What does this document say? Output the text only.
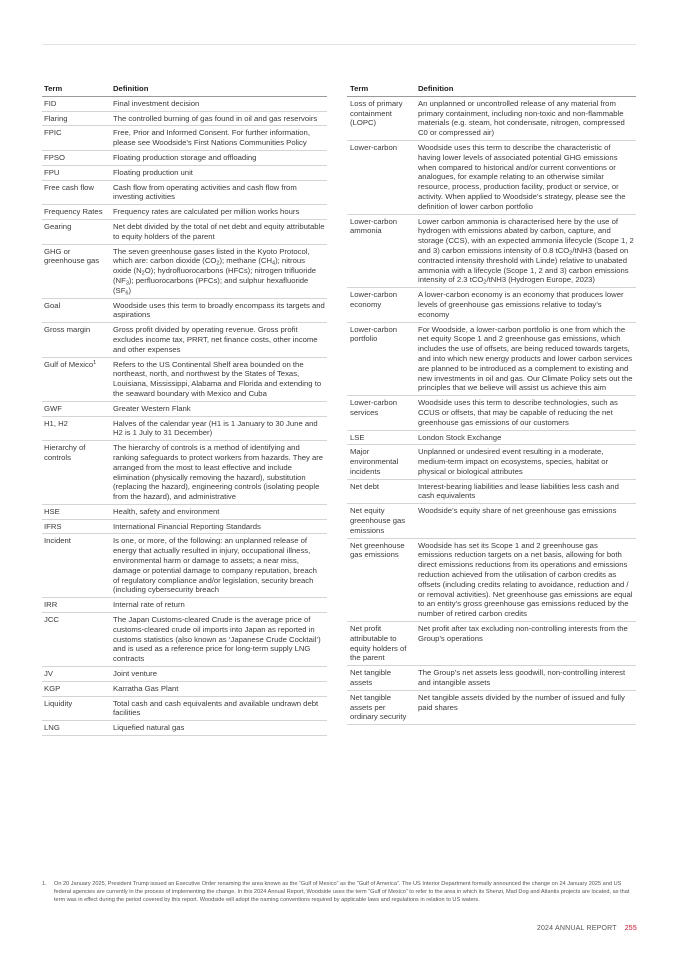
Term	Definition
FID	Final investment decision
Flaring	The controlled burning of gas found in oil and gas reservoirs
FPIC	Free, Prior and Informed Consent. For further information, please see Woodside’s First Nations Communities Policy
FPSO	Floating production storage and offloading
FPU	Floating production unit
Free cash flow	Cash flow from operating activities and cash flow from investing activities
Frequency Rates	Frequency rates are calculated per million works hours
Gearing	Net debt divided by the total of net debt and equity attributable to equity holders of the parent
GHG or greenhouse gas	The seven greenhouse gases listed in the Kyoto Protocol, which are: carbon dioxide $(CO_2)$; methane $(CH_4)$; nitrous oxide $(N_2O)$; hydrofluorocarbons (HFCs); nitrogen trifluoride $(NF_3)$; perfluorocarbons (PFCs); and sulphur hexafluoride $(SF_6)$
Goal	Woodside uses this term to broadly encompass its targets and aspirations
Gross margin	Gross profit divided by operating revenue. Gross profit excludes income tax, PRRT, net finance costs, other income and other expenses
Gulf of Mexico$^1$	Refers to the US Continental Shelf area bounded on the northeast, north, and northwest by the States of Texas, Louisiana, Mississippi, Alabama and Florida and extending to the seaward boundary with Mexico and Cuba
GWF	Greater Western Flank
H1, H2	Halves of the calendar year (H1 is 1 January to 30 June and H2 is 1 July to 31 December)
Hierarchy of controls	The hierarchy of controls is a method of identifying and ranking safeguards to protect workers from hazards. They are arranged from the most to least effective and include elimination (physically removing the hazard), substitution (replacing the hazard), engineering controls (isolating people from the hazard), and administrative
HSE	Health, safety and environment
IFRS	International Financial Reporting Standards
Incident	Is one, or more, of the following: an unplanned release of energy that actually resulted in injury, occupational illness, environmental harm or damage to assets; a near miss, damage or potential damage to company reputation, breach of regulatory compliance and/or legislation, security breach (including cybersecurity breach
IRR	Internal rate of return
JCC	The Japan Customs-cleared Crude is the average price of customs-cleared crude oil imports into Japan as reported in customs statistics (also known as ‘Japanese Crude Cocktail’) and is used as a reference price for long-term supply LNG contracts
JV	Joint venture
KGP	Karratha Gas Plant
Liquidity	Total cash and cash equivalents and available undrawn debt facilities
LNG	Liquefied natural gas
Term	Definition
Loss of primary containment (LOPC)	An unplanned or uncontrolled release of any material from primary containment, including non-toxic and non-flammable materials (e.g. steam, hot condensate, nitrogen, compressed C0 or compressed air)
Lower-carbon	Woodside uses this term to describe the characteristic of having lower levels of associated potential GHG emissions when compared to historical and/or current conventions or analogues, for example relating to an otherwise similar resource, process, production facility, product or service, or activity. When applied to Woodside’s strategy, please see the definition of lower carbon portfolio
Lower-carbon ammonia	Lower carbon ammonia is characterised here by the use of hydrogen with emissions abated by carbon, capture, and storage (CCS), with an expected ammonia lifecycle (Scope 1, 2 and 3) carbon emissions intensity of 0.8 tCO$_2$/tNH3 (based on contracted intensity threshold with Linde) relative to unabated ammonia with a lifecycle (Scope 1, 2 and 3) carbon emissions intensity of 2.3 tCO$_2$/tNH3 (Hydrogen Europe, 2023)
Lower-carbon economy	A lower-carbon economy is an economy that produces lower levels of greenhouse gas emissions relative to today’s economy
Lower-carbon portfolio	For Woodside, a lower-carbon portfolio is one from which the net equity Scope 1 and 2 greenhouse gas emissions, which includes the use of offsets, are being reduced towards targets, and into which new energy products and lower carbon services are planned to be introduced as a complement to existing and new investments in oil and gas. Our Climate Policy sets out the principles that we believe will assist us achieve this aim
Lower-carbon services	Woodside uses this term to describe technologies, such as CCUS or offsets, that may be capable of reducing the net greenhouse gas emissions of our customers
LSE	London Stock Exchange
Major environmental incidents	Unplanned or undesired event resulting in a moderate, medium-term impact on ecosystems, species, habitat or physical or biological attributes
Net debt	Interest-bearing liabilities and lease liabilities less cash and cash equivalents
Net equity greenhouse gas emissions	Woodside’s equity share of net greenhouse gas emissions
Net greenhouse gas emissions	Woodside has set its Scope 1 and 2 greenhouse gas emissions reduction targets on a net basis, allowing for both direct emissions reductions from its operations and emissions reduction achieved from the utilisation of carbon credits as offsets (including credits relating to avoidance, reduction and / or removal activities). Net greenhouse gas emissions are equal to an entity’s gross greenhouse gas emissions reduced by the number of retired carbon credits
Net profit attributable to equity holders of the parent	Net profit after tax excluding non-controlling interests from the Group’s operations
Net tangible assets	The Group’s net assets less goodwill, non-controlling interest and intangible assets
Net tangible assets per ordinary security	Net tangible assets divided by the number of issued and fully paid shares
1. On 20 January 2025, President Trump issued an Executive Order renaming the area known as the “Gulf of Mexico” as the “Gulf of America”. The US Interior Department formally announced the change on 24 January 2025 and US federal agencies are currently in the process of implementing the change. In this 2024 Annual Report, Woodside uses the term “Gulf of Mexico” to refer to the area in which its Shenzi, Mad Dog and Atlantis projects are located, as that term was in effect during the period covered by this report. Woodside will adopt the naming conventions required by applicable laws and regulations in relation to US waters.
2024 ANNUAL REPORT 255
